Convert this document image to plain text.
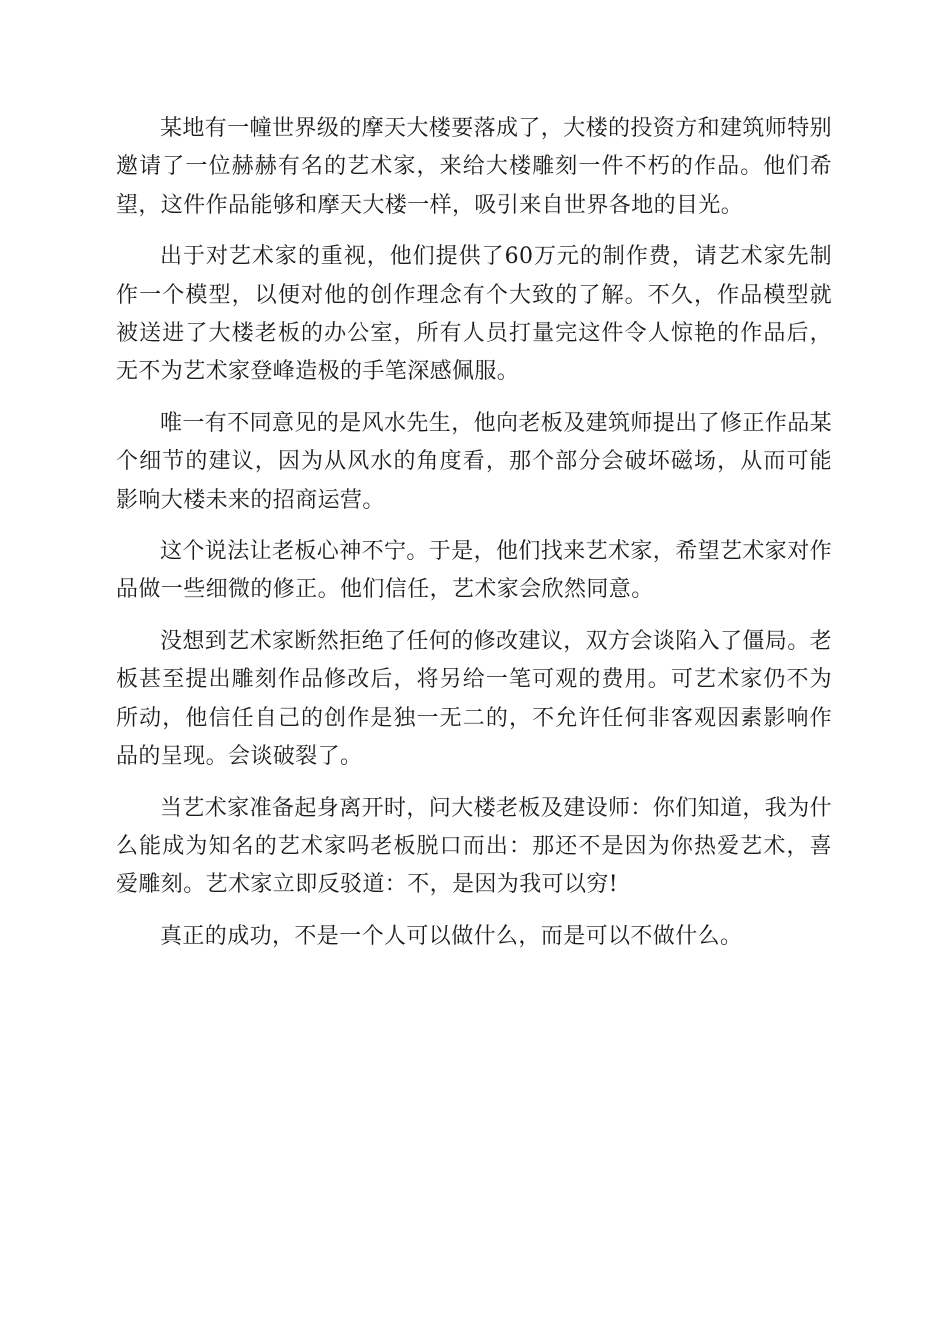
某地有一幢世界级的摩天大楼要落成了，大楼的投资方和建筑师特别邀请了一位赫赫有名的艺术家，来给大楼雕刻一件不朽的作品。他们希望，这件作品能够和摩天大楼一样，吸引来自世界各地的目光。

出于对艺术家的重视，他们提供了60万元的制作费，请艺术家先制作一个模型，以便对他的创作理念有个大致的了解。不久，作品模型就被送进了大楼老板的办公室，所有人员打量完这件令人惊艳的作品后，无不为艺术家登峰造极的手笔深感佩服。

唯一有不同意见的是风水先生，他向老板及建筑师提出了修正作品某个细节的建议，因为从风水的角度看，那个部分会破坏磁场，从而可能影响大楼未来的招商运营。

这个说法让老板心神不宁。于是，他们找来艺术家，希望艺术家对作品做一些细微的修正。他们信任，艺术家会欣然同意。

没想到艺术家断然拒绝了任何的修改建议，双方会谈陷入了僵局。老板甚至提出雕刻作品修改后，将另给一笔可观的费用。可艺术家仍不为所动，他信任自己的创作是独一无二的，不允许任何非客观因素影响作品的呈现。会谈破裂了。

当艺术家准备起身离开时，问大楼老板及建设师：你们知道，我为什么能成为知名的艺术家吗老板脱口而出：那还不是因为你热爱艺术，喜爱雕刻。艺术家立即反驳道：不，是因为我可以穷!

真正的成功，不是一个人可以做什么，而是可以不做什么。
